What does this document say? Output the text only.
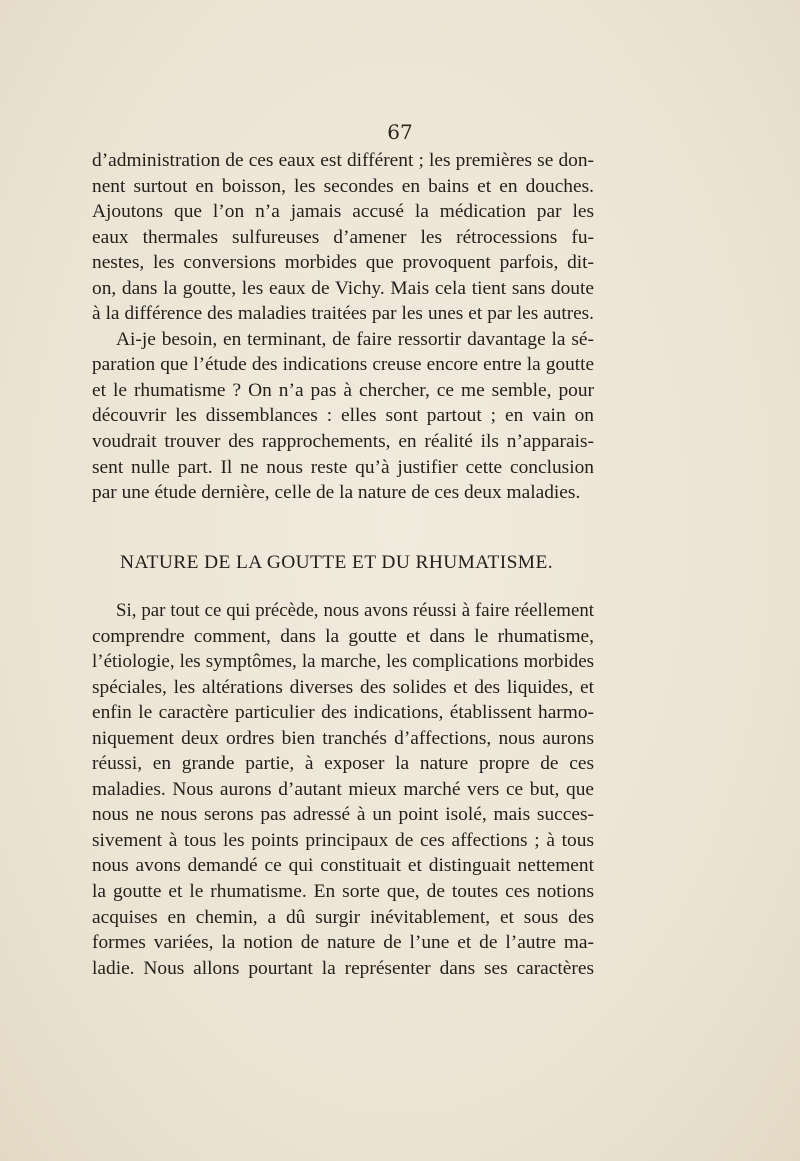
67
d’administration de ces eaux est différent ; les premières se don-
nent surtout en boisson, les secondes en bains et en douches.
Ajoutons que l’on n’a jamais accusé la médication par les
eaux thermales sulfureuses d’amener les rétrocessions fu-
nestes, les conversions morbides que provoquent parfois, dit-
on, dans la goutte, les eaux de Vichy. Mais cela tient sans doute
à la différence des maladies traitées par les unes et par les autres.
Ai-je besoin, en terminant, de faire ressortir davantage la sé-
paration que l’étude des indications creuse encore entre la goutte
et le rhumatisme ? On n’a pas à chercher, ce me semble, pour
découvrir les dissemblances : elles sont partout ; en vain on
voudrait trouver des rapprochements, en réalité ils n’apparais-
sent nulle part. Il ne nous reste qu’à justifier cette conclusion
par une étude dernière, celle de la nature de ces deux maladies.
NATURE DE LA GOUTTE ET DU RHUMATISME.
Si, par tout ce qui précède, nous avons réussi à faire réellement
comprendre comment, dans la goutte et dans le rhumatisme,
l’étiologie, les symptômes, la marche, les complications morbides
spéciales, les altérations diverses des solides et des liquides, et
enfin le caractère particulier des indications, établissent harmo-
niquement deux ordres bien tranchés d’affections, nous aurons
réussi, en grande partie, à exposer la nature propre de ces
maladies. Nous aurons d’autant mieux marché vers ce but, que
nous ne nous serons pas adressé à un point isolé, mais succes-
sivement à tous les points principaux de ces affections ; à tous
nous avons demandé ce qui constituait et distinguait nettement
la goutte et le rhumatisme. En sorte que, de toutes ces notions
acquises en chemin, a dû surgir inévitablement, et sous des
formes variées, la notion de nature de l’une et de l’autre ma-
ladie. Nous allons pourtant la représenter dans ses caractères
